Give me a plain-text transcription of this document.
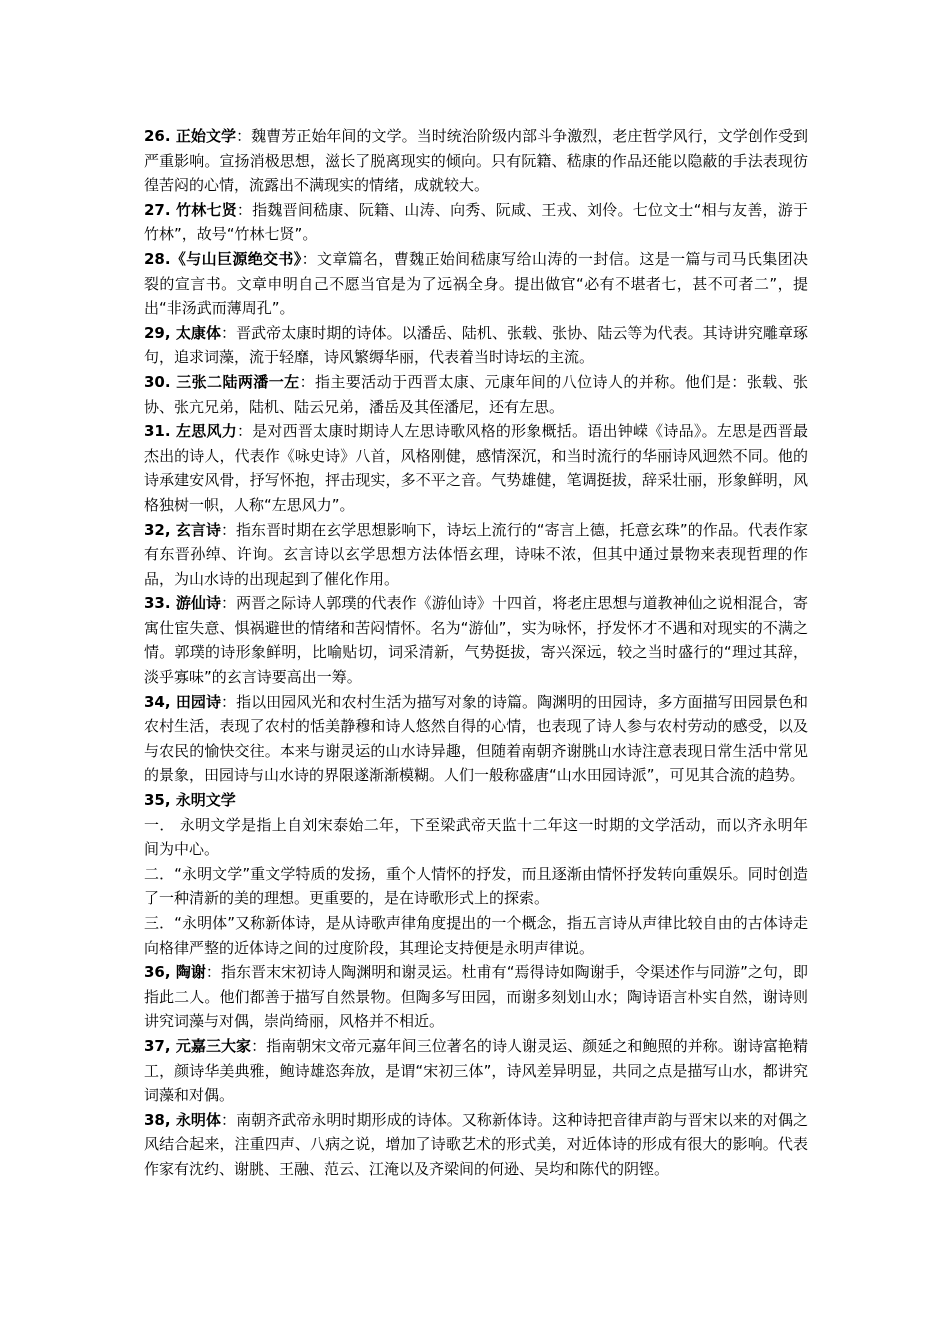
26. 正始文学：魏曹芳正始年间的文学。当时统治阶级内部斗争激烈，老庄哲学风行，文学创作受到严重影响。宣扬消极思想，滋长了脱离现实的倾向。只有阮籍、嵇康的作品还能以隐蔽的手法表现彷徨苦闷的心情，流露出不满现实的情绪，成就较大。

27. 竹林七贤：指魏晋间嵇康、阮籍、山涛、向秀、阮咸、王戎、刘伶。七位文士“相与友善，游于竹林”，故号“竹林七贤”。

28.《与山巨源绝交书》：文章篇名，曹魏正始间嵇康写给山涛的一封信。这是一篇与司马氏集团决裂的宣言书。文章申明自己不愿当官是为了远祸全身。提出做官“必有不堪者七，甚不可者二”，提出“非汤武而薄周孔”。

29, 太康体：晋武帝太康时期的诗体。以潘岳、陆机、张载、张协、陆云等为代表。其诗讲究雕章琢句，追求词藻，流于轻靡，诗风繁缛华丽，代表着当时诗坛的主流。

30. 三张二陆两潘一左：指主要活动于西晋太康、元康年间的八位诗人的并称。他们是：张载、张协、张亢兄弟，陆机、陆云兄弟，潘岳及其侄潘尼，还有左思。

31. 左思风力：是对西晋太康时期诗人左思诗歌风格的形象概括。语出钟嵘《诗品》。左思是西晋最杰出的诗人，代表作《咏史诗》八首，风格刚健，感情深沉，和当时流行的华丽诗风迥然不同。他的诗承建安风骨，抒写怀抱，抨击现实，多不平之音。气势雄健，笔调挺拔，辞采壮丽，形象鲜明，风格独树一帜，人称“左思风力”。

32, 玄言诗：指东晋时期在玄学思想影响下，诗坛上流行的“寄言上德，托意玄珠”的作品。代表作家有东晋孙绰、许询。玄言诗以玄学思想方法体悟玄理，诗味不浓，但其中通过景物来表现哲理的作品，为山水诗的出现起到了催化作用。

33. 游仙诗：两晋之际诗人郭璞的代表作《游仙诗》十四首，将老庄思想与道教神仙之说相混合，寄寓仕宦失意、惧祸避世的情绪和苦闷情怀。名为“游仙”，实为咏怀，抒发怀才不遇和对现实的不满之情。郭璞的诗形象鲜明，比喻贴切，词采清新，气势挺拔，寄兴深远，较之当时盛行的“理过其辞，淡乎寡味”的玄言诗要高出一筹。

34, 田园诗：指以田园风光和农村生活为描写对象的诗篇。陶渊明的田园诗，多方面描写田园景色和农村生活，表现了农村的恬美静穆和诗人悠然自得的心情，也表现了诗人参与农村劳动的感受，以及与农民的愉快交往。本来与谢灵运的山水诗异趣，但随着南朝齐谢朓山水诗注意表现日常生活中常见的景象，田园诗与山水诗的界限遂渐渐模糊。人们一般称盛唐“山水田园诗派”，可见其合流的趋势。

35, 永明文学

一． 永明文学是指上自刘宋泰始二年，下至梁武帝天监十二年这一时期的文学活动，而以齐永明年间为中心。

二．“永明文学”重文学特质的发扬，重个人情怀的抒发，而且逐渐由情怀抒发转向重娱乐。同时创造了一种清新的美的理想。更重要的，是在诗歌形式上的探索。

三．“永明体”又称新体诗，是从诗歌声律角度提出的一个概念，指五言诗从声律比较自由的古体诗走向格律严整的近体诗之间的过度阶段，其理论支持便是永明声律说。

36, 陶谢：指东晋末宋初诗人陶渊明和谢灵运。杜甫有“焉得诗如陶谢手，令渠述作与同游”之句，即指此二人。他们都善于描写自然景物。但陶多写田园，而谢多刻划山水；陶诗语言朴实自然，谢诗则讲究词藻与对偶，崇尚绮丽，风格并不相近。

37, 元嘉三大家：指南朝宋文帝元嘉年间三位著名的诗人谢灵运、颜延之和鲍照的并称。谢诗富艳精工，颜诗华美典雅，鲍诗雄恣奔放，是谓“宋初三体”，诗风差异明显，共同之点是描写山水，都讲究词藻和对偶。

38, 永明体：南朝齐武帝永明时期形成的诗体。又称新体诗。这种诗把音律声韵与晋宋以来的对偶之风结合起来，注重四声、八病之说，增加了诗歌艺术的形式美，对近体诗的形成有很大的影响。代表作家有沈约、谢朓、王融、范云、江淹以及齐梁间的何逊、吴均和陈代的阴铿。
